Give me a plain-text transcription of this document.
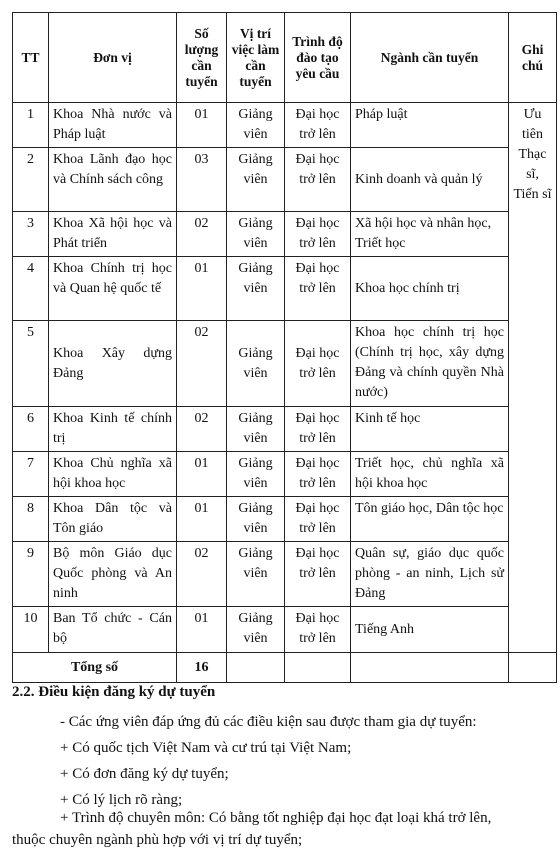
TT	Đơn vị	Số lượng cần tuyển	Vị trí việc làm cần tuyển	Trình độ đào tạo yêu cầu	Ngành cần tuyển	Ghi chú
1	Khoa Nhà nước và Pháp luật	01	Giảng viên	Đại học trở lên	Pháp luật	Ưu tiên Thạc sĩ, Tiến sĩ
2	Khoa Lãnh đạo học và Chính sách công	03	Giảng viên	Đại học trở lên	Kinh doanh và quản lý	
3	Khoa Xã hội học và Phát triển	02	Giảng viên	Đại học trở lên	Xã hội học và nhân học, Triết học	
4	Khoa Chính trị học và Quan hệ quốc tế	01	Giảng viên	Đại học trở lên	Khoa học chính trị	
5	Khoa Xây dựng Đảng	02	Giảng viên	Đại học trở lên	Khoa học chính trị học (Chính trị học, xây dựng Đảng và chính quyền Nhà nước)	
6	Khoa Kinh tế chính trị	02	Giảng viên	Đại học trở lên	Kinh tế học	
7	Khoa Chủ nghĩa xã hội khoa học	01	Giảng viên	Đại học trở lên	Triết học, chủ nghĩa xã hội khoa học	
8	Khoa Dân tộc và Tôn giáo	01	Giảng viên	Đại học trở lên	Tôn giáo học, Dân tộc học	
9	Bộ môn Giáo dục Quốc phòng và An ninh	02	Giảng viên	Đại học trở lên	Quân sự, giáo dục quốc phòng - an ninh, Lịch sử Đảng	
10	Ban Tổ chức - Cán bộ	01	Giảng viên	Đại học trở lên	Tiếng Anh	
Tổng số		16				
2.2. Điều kiện đăng ký dự tuyển
- Các ứng viên đáp ứng đủ các điều kiện sau được tham gia dự tuyển:
+ Có quốc tịch Việt Nam và cư trú tại Việt Nam;
+ Có đơn đăng ký dự tuyển;
+ Có lý lịch rõ ràng;
+ Trình độ chuyên môn: Có bằng tốt nghiệp đại học đạt loại khá trở lên,
thuộc chuyên ngành phù hợp với vị trí dự tuyển;
